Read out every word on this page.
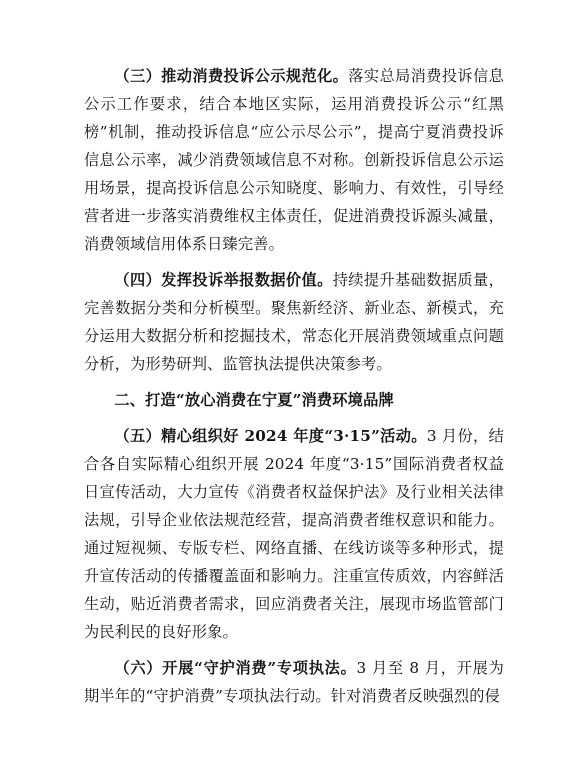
（三）推动消费投诉公示规范化。落实总局消费投诉信息公示工作要求，结合本地区实际，运用消费投诉公示“红黑榜”机制，推动投诉信息“应公示尽公示”，提高宁夏消费投诉信息公示率，减少消费领域信息不对称。创新投诉信息公示运用场景，提高投诉信息公示知晓度、影响力、有效性，引导经营者进一步落实消费维权主体责任，促进消费投诉源头减量，消费领域信用体系日臻完善。

（四）发挥投诉举报数据价值。持续提升基础数据质量，完善数据分类和分析模型。聚焦新经济、新业态、新模式，充分运用大数据分析和挖掘技术，常态化开展消费领域重点问题分析，为形势研判、监管执法提供决策参考。

二、打造“放心消费在宁夏”消费环境品牌

（五）精心组织好 2024 年度“3·15”活动。3 月份，结合各自实际精心组织开展 2024 年度“3·15”国际消费者权益日宣传活动，大力宣传《消费者权益保护法》及行业相关法律法规，引导企业依法规范经营，提高消费者维权意识和能力。通过短视频、专版专栏、网络直播、在线访谈等多种形式，提升宣传活动的传播覆盖面和影响力。注重宣传质效，内容鲜活生动，贴近消费者需求，回应消费者关注，展现市场监管部门为民利民的良好形象。

（六）开展“守护消费”专项执法。3 月至 8 月，开展为期半年的“守护消费”专项执法行动。针对消费者反映强烈的侵
